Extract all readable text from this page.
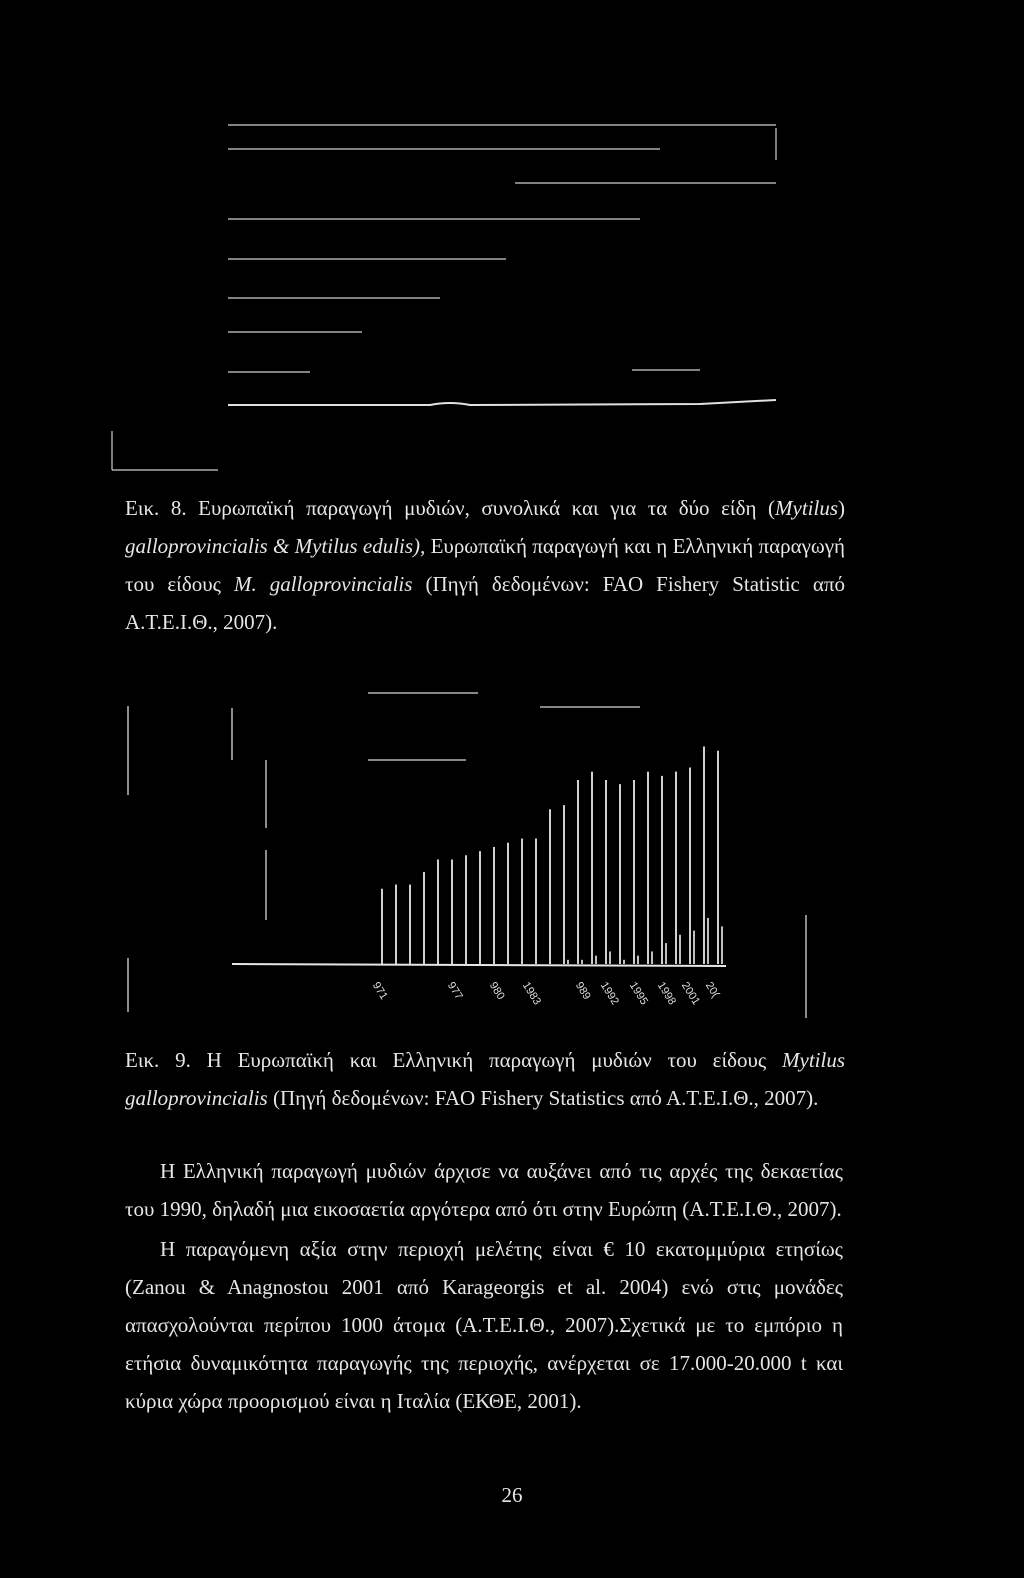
Εικ. 8. Ευρωπαϊκή παραγωγή μυδιών, συνολικά και για τα δύο είδη (Mytilus)
galloprovincialis & Mytilus edulis), Ευρωπαϊκή παραγωγή και η Ελληνική παραγωγή
του είδους M. galloprovincialis (Πηγή δεδομένων: FAO Fishery Statistic από
Α.Τ.Ε.Ι.Θ., 2007).
971	977 980 1983	989 1992 1995 1998 2001 20(
Εικ. 9. Η Ευρωπαϊκή και Ελληνική παραγωγή μυδιών του είδους Mytilus
galloprovincialis (Πηγή δεδομένων: FAO Fishery Statistics από Α.Τ.Ε.Ι.Θ., 2007).
Η Ελληνική παραγωγή μυδιών άρχισε να αυξάνει από τις αρχές της δεκαετίας
του 1990, δηλαδή μια εικοσαετία αργότερα από ότι στην Ευρώπη (Α.Τ.Ε.Ι.Θ., 2007).
Η παραγόμενη αξία στην περιοχή μελέτης είναι € 10 εκατομμύρια ετησίως
(Zanou & Anagnostou 2001 από Karageorgis et al. 2004) ενώ στις μονάδες
απασχολούνται περίπου 1000 άτομα (Α.Τ.Ε.Ι.Θ., 2007).Σχετικά με το εμπόριο η
ετήσια δυναμικότητα παραγωγής της περιοχής, ανέρχεται σε 17.000-20.000 t και
κύρια χώρα προορισμού είναι η Ιταλία (ΕΚΘΕ, 2001).
26
